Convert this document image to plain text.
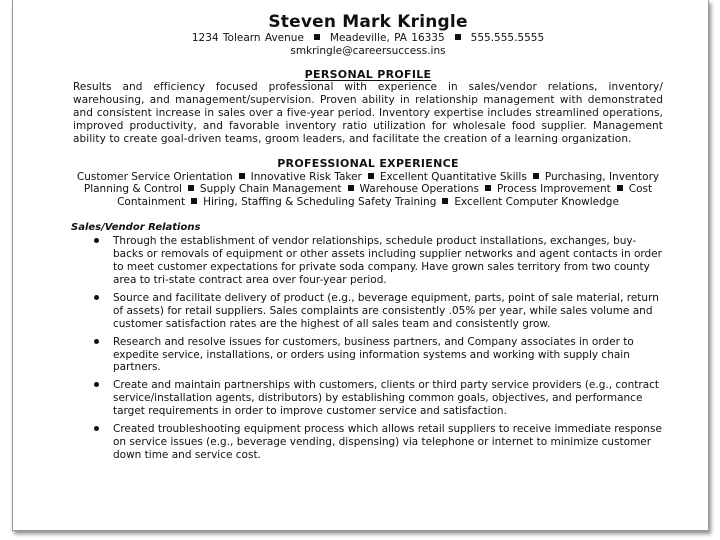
Steven Mark Kringle
1234 Tolearn Avenue Meadeville, PA 16335 555.555.5555
smkringle@careersuccess.ins
PERSONAL PROFILE

Results and efficiency focused professional with experience in sales/vendor relations, inventory/ warehousing, and management/supervision. Proven ability in relationship management with demonstrated and consistent increase in sales over a five-year period. Inventory expertise includes streamlined operations, improved productivity, and favorable inventory ratio utilization for wholesale food supplier. Management ability to create goal-driven teams, groom leaders, and facilitate the creation of a learning organization.

PROFESSIONAL EXPERIENCE
Customer Service Orientation Innovative Risk Taker Excellent Quantitative Skills Purchasing, Inventory Planning & Control Supply Chain Management Warehouse Operations Process Improvement Cost Containment Hiring, Staffing & Scheduling Safety Training Excellent Computer Knowledge
Sales/Vendor Relations
Through the establishment of vendor relationships, schedule product installations, exchanges, buy-backs or removals of equipment or other assets including supplier networks and agent contacts in order to meet customer expectations for private soda company. Have grown sales territory from two county area to tri-state contract area over four-year period.
Source and facilitate delivery of product (e.g., beverage equipment, parts, point of sale material, return of assets) for retail suppliers. Sales complaints are consistently .05% per year, while sales volume and customer satisfaction rates are the highest of all sales team and consistently grow.
Research and resolve issues for customers, business partners, and Company associates in order to expedite service, installations, or orders using information systems and working with supply chain partners.
Create and maintain partnerships with customers, clients or third party service providers (e.g., contract service/installation agents, distributors) by establishing common goals, objectives, and performance target requirements in order to improve customer service and satisfaction.
Created troubleshooting equipment process which allows retail suppliers to receive immediate response on service issues (e.g., beverage vending, dispensing) via telephone or internet to minimize customer down time and service cost.
